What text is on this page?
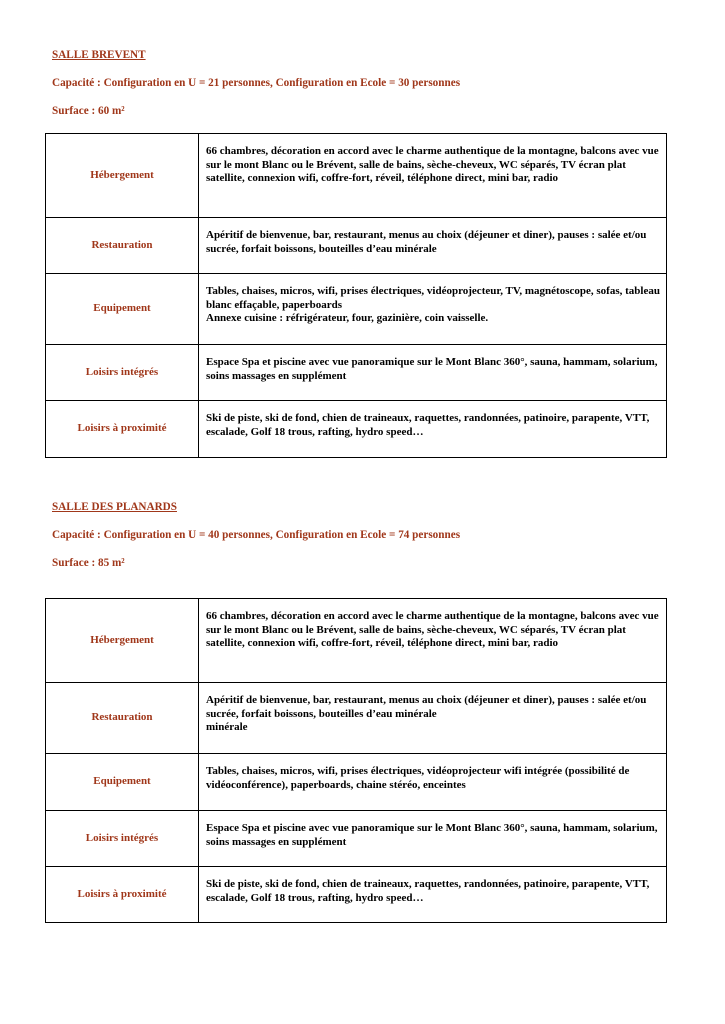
SALLE BREVENT

Capacité : Configuration en U = 21 personnes, Configuration en Ecole = 30 personnes

Surface : 60 m²

Hébergement	66 chambres, décoration en accord avec le charme authentique de la montagne, balcons avec vue sur le mont Blanc ou le Brévent, salle de bains, sèche-cheveux, WC séparés, TV écran plat satellite, connexion wifi, coffre-fort, réveil, téléphone direct, mini bar, radio

Restauration	Apéritif de bienvenue, bar, restaurant, menus au choix (déjeuner et diner), pauses : salée et/ou sucrée, forfait boissons, bouteilles d’eau minérale

Equipement	Tables, chaises, micros, wifi, prises électriques, vidéoprojecteur, TV, magnétoscope, sofas, tableau blanc effaçable, paperboards
Annexe cuisine : réfrigérateur, four, gazinière, coin vaisselle.

Loisirs intégrés	Espace Spa et piscine avec vue panoramique sur le Mont Blanc 360°, sauna, hammam, solarium, soins massages en supplément

Loisirs à proximité	Ski de piste, ski de fond, chien de traineaux, raquettes, randonnées, patinoire, parapente, VTT, escalade, Golf 18 trous, rafting, hydro speed…

SALLE DES PLANARDS

Capacité : Configuration en U = 40 personnes, Configuration en Ecole = 74 personnes

Surface : 85 m²

Hébergement	66 chambres, décoration en accord avec le charme authentique de la montagne, balcons avec vue sur le mont Blanc ou le Brévent, salle de bains, sèche-cheveux, WC séparés, TV écran plat satellite, connexion wifi, coffre-fort, réveil, téléphone direct, mini bar, radio

Restauration	Apéritif de bienvenue, bar, restaurant, menus au choix (déjeuner et diner), pauses : salée et/ou sucrée, forfait boissons, bouteilles d’eau minérale
minérale

Equipement	Tables, chaises, micros, wifi, prises électriques, vidéoprojecteur wifi intégrée (possibilité de vidéoconférence), paperboards, chaine stéréo, enceintes

Loisirs intégrés	Espace Spa et piscine avec vue panoramique sur le Mont Blanc 360°, sauna, hammam, solarium, soins massages en supplément

Loisirs à proximité	Ski de piste, ski de fond, chien de traineaux, raquettes, randonnées, patinoire, parapente, VTT, escalade, Golf 18 trous, rafting, hydro speed…
